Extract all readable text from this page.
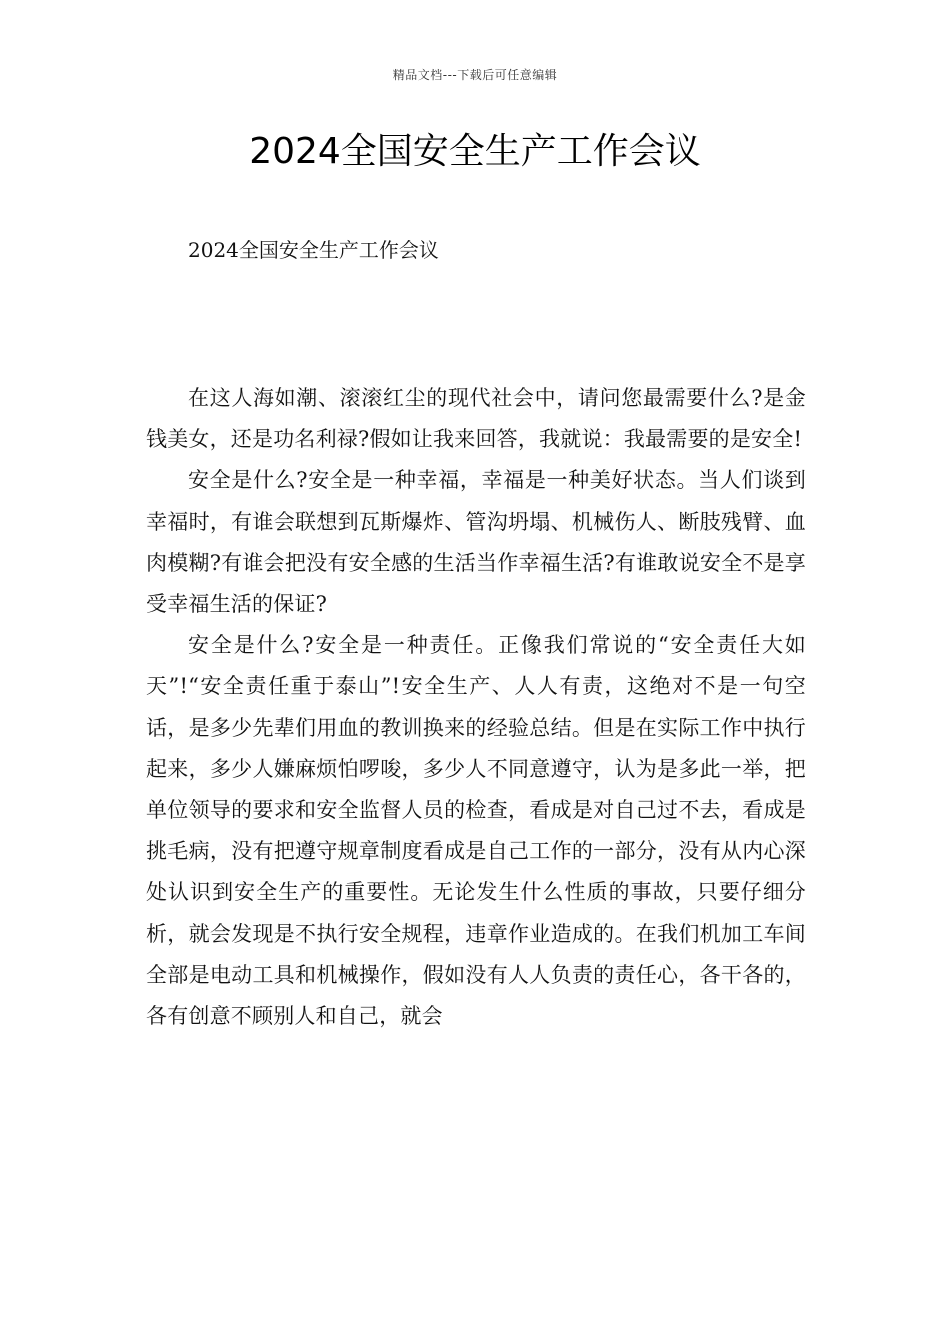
精品文档---下载后可任意编辑
2024全国安全生产工作会议
2024全国安全生产工作会议

在这人海如潮、滚滚红尘的现代社会中，请问您最需要什么?是金钱美女，还是功名利禄?假如让我来回答，我就说：我最需要的是安全!

安全是什么?安全是一种幸福，幸福是一种美好状态。当人们谈到幸福时，有谁会联想到瓦斯爆炸、管沟坍塌、机械伤人、断肢残臂、血肉模糊?有谁会把没有安全感的生活当作幸福生活?有谁敢说安全不是享受幸福生活的保证?

安全是什么?安全是一种责任。正像我们常说的“安全责任大如天”!“安全责任重于泰山”!安全生产、人人有责，这绝对不是一句空话，是多少先辈们用血的教训换来的经验总结。但是在实际工作中执行起来，多少人嫌麻烦怕啰唆，多少人不同意遵守，认为是多此一举，把单位领导的要求和安全监督人员的检查，看成是对自己过不去，看成是挑毛病，没有把遵守规章制度看成是自己工作的一部分，没有从内心深处认识到安全生产的重要性。无论发生什么性质的事故，只要仔细分析，就会发现是不执行安全规程，违章作业造成的。在我们机加工车间全部是电动工具和机械操作，假如没有人人负责的责任心，各干各的，各有创意不顾别人和自己，就会
